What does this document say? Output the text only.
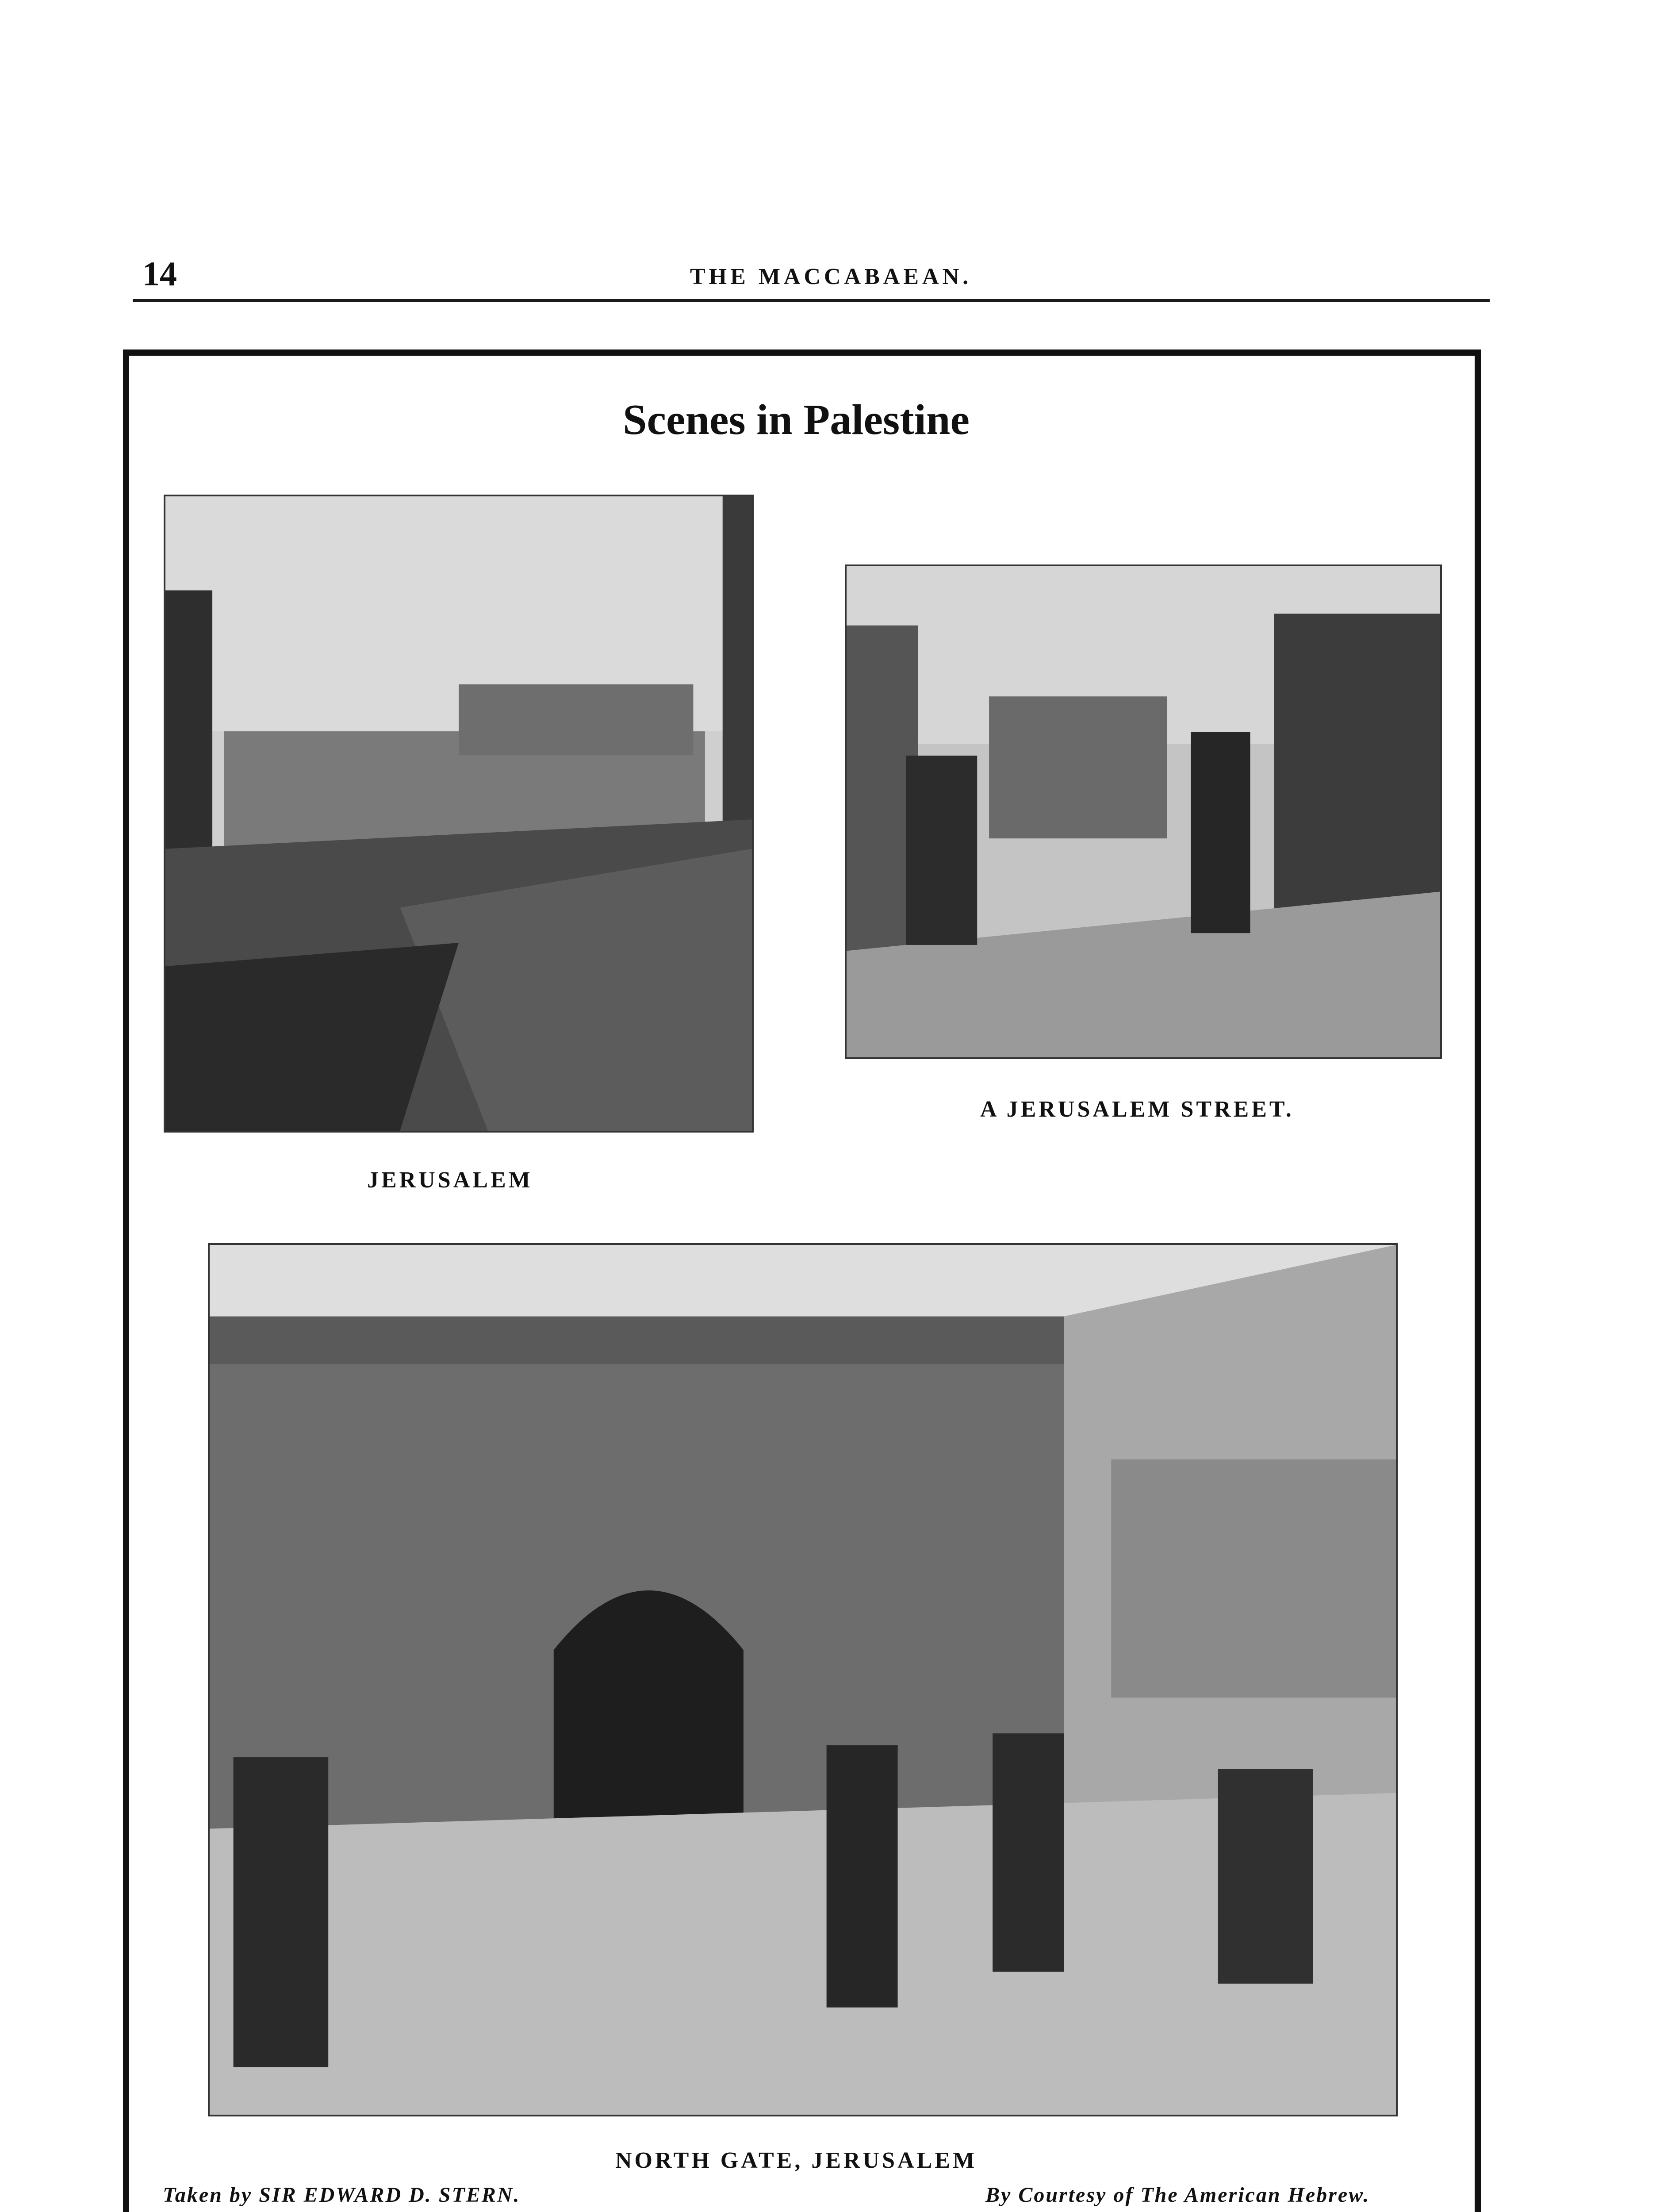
14	THE MACCABAEAN.
Scenes in Palestine
JERUSALEM
A JERUSALEM STREET.
NORTH GATE, JERUSALEM
Taken by SIR EDWARD D. STERN.	By Courtesy of The American Hebrew.
